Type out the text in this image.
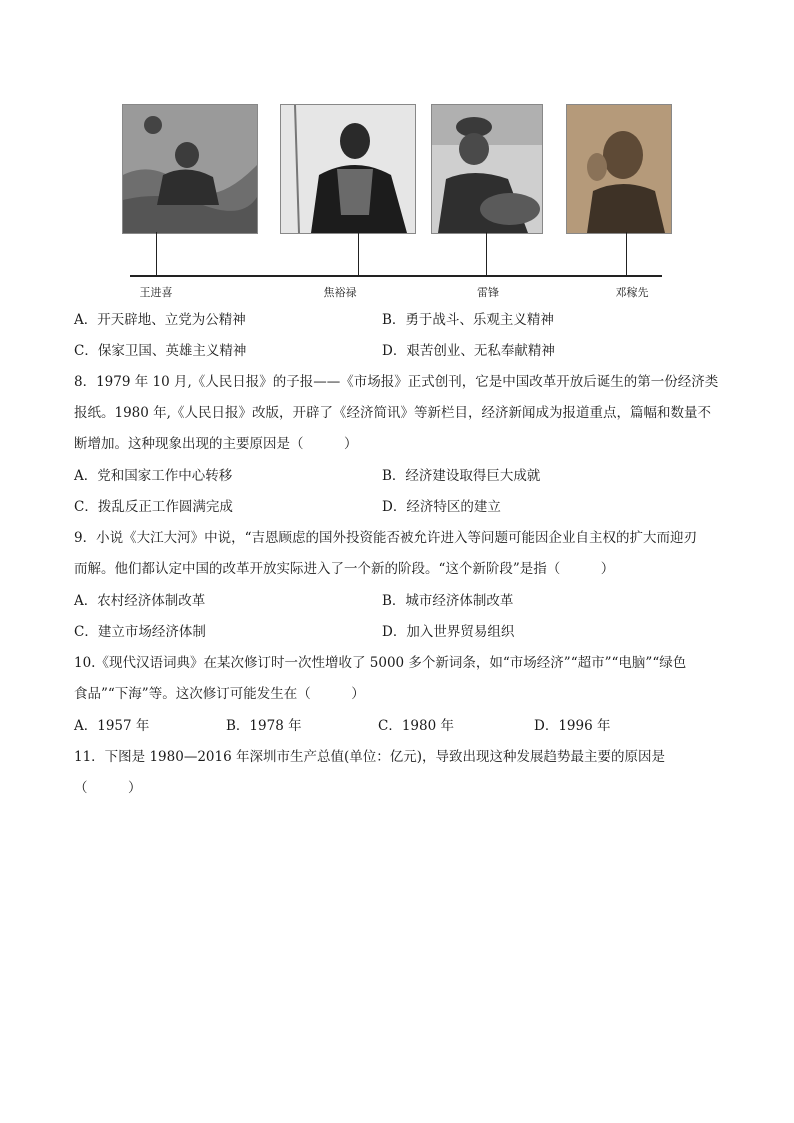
王进喜	焦裕禄	雷锋	邓稼先
A．开天辟地、立党为公精神	B．勇于战斗、乐观主义精神
C．保家卫国、英雄主义精神	D．艰苦创业、无私奉献精神
8．1979 年 10 月,《人民日报》的子报——《市场报》正式创刊，它是中国改革开放后诞生的第一份经济类
报纸。1980 年,《人民日报》改版，开辟了《经济简讯》等新栏目，经济新闻成为报道重点，篇幅和数量不
断增加。这种现象出现的主要原因是（　　　）
A．党和国家工作中心转移	B．经济建设取得巨大成就
C．拨乱反正工作圆满完成	D．经济特区的建立
9．小说《大江大河》中说，“吉恩顾虑的国外投资能否被允许进入等问题可能因企业自主权的扩大而迎刃
而解。他们都认定中国的改革开放实际进入了一个新的阶段。“这个新阶段”是指（　　　）
A．农村经济体制改革	B．城市经济体制改革
C．建立市场经济体制	D．加入世界贸易组织
10.《现代汉语词典》在某次修订时一次性增收了 5000 多个新词条，如“市场经济”“超市”“电脑”“绿色
食品”“下海”等。这次修订可能发生在（　　　）
A．1957 年	B．1978 年	C．1980 年	D．1996 年
11．下图是 1980—2016 年深圳市生产总值(单位：亿元)，导致出现这种发展趋势最主要的原因是
（　　　）
